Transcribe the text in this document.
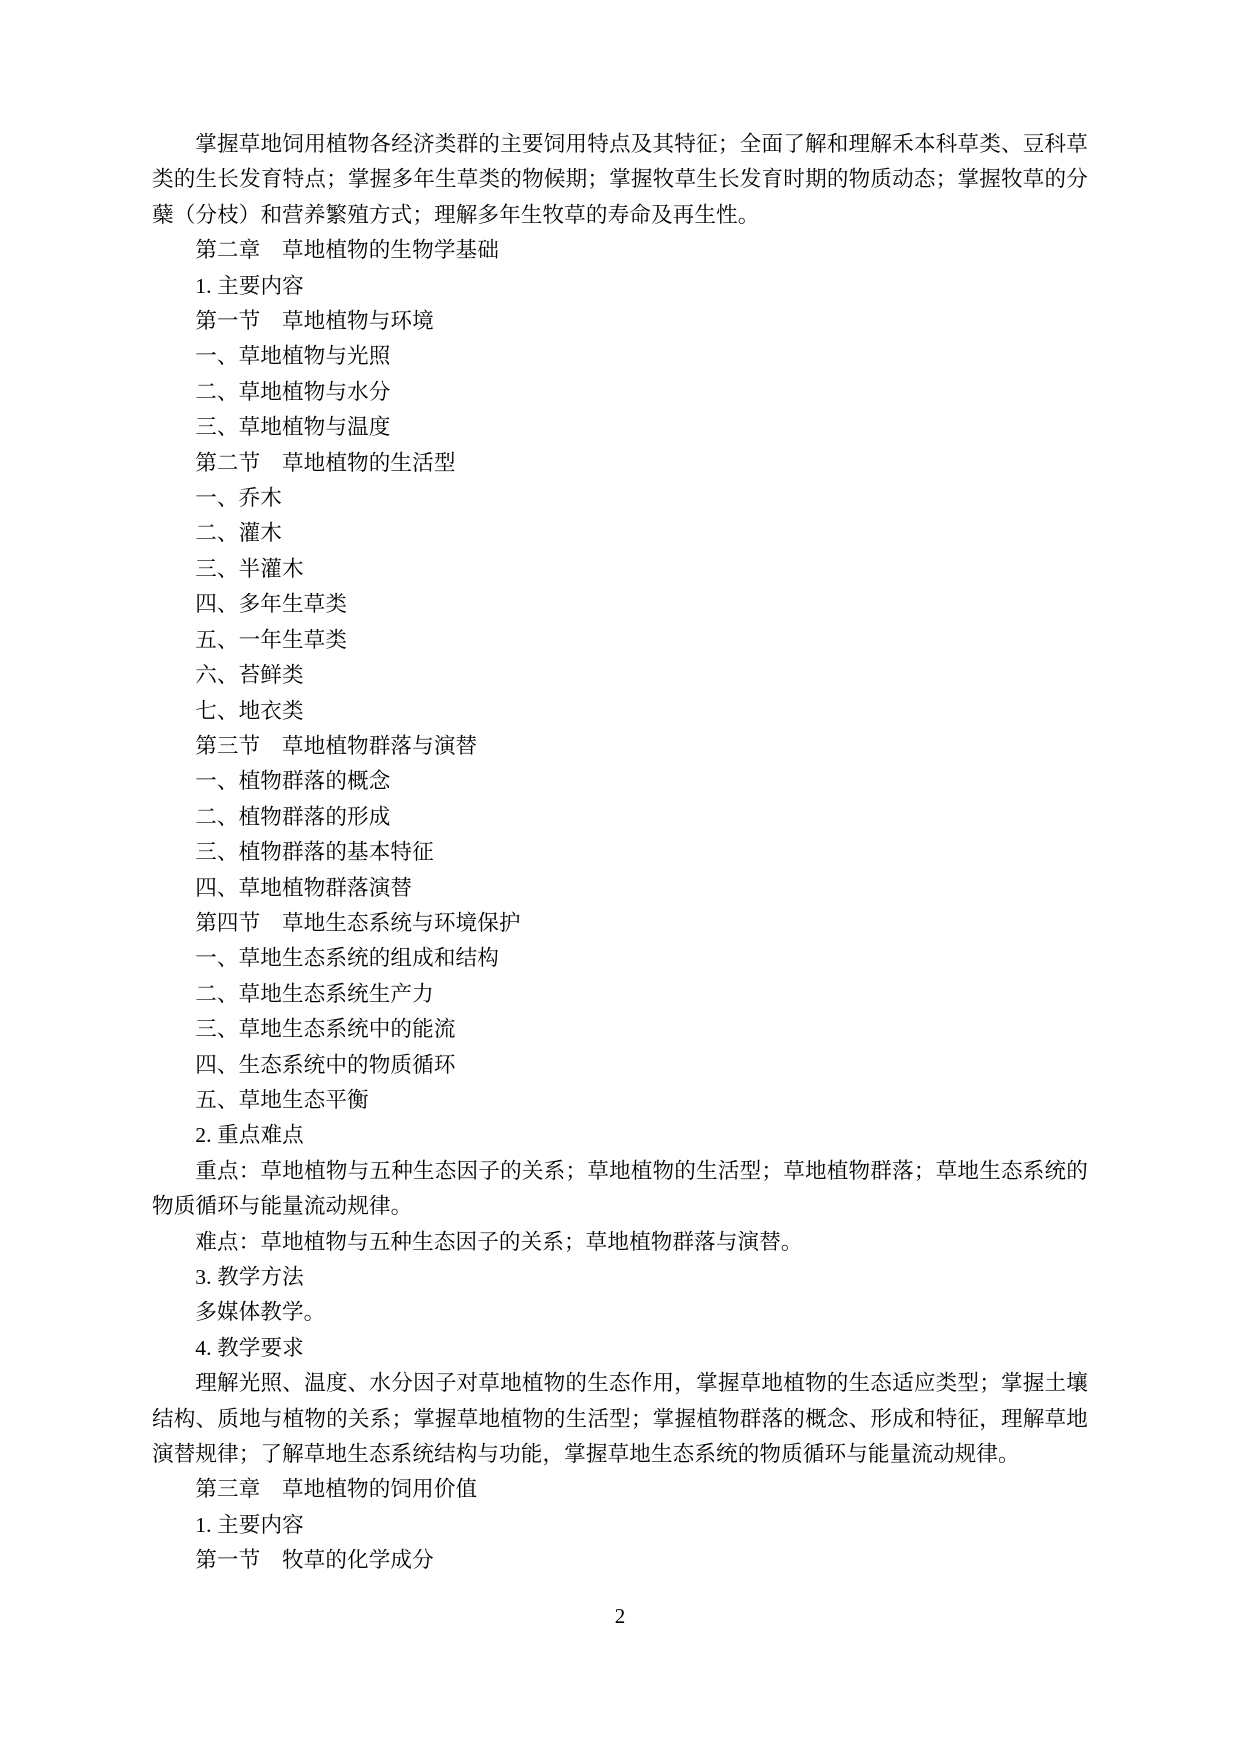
掌握草地饲用植物各经济类群的主要饲用特点及其特征；全面了解和理解禾本科草类、豆科草类的生长发育特点；掌握多年生草类的物候期；掌握牧草生长发育时期的物质动态；掌握牧草的分蘖（分枝）和营养繁殖方式；理解多年生牧草的寿命及再生性。
第二章　草地植物的生物学基础
1. 主要内容
第一节　草地植物与环境
一、草地植物与光照
二、草地植物与水分
三、草地植物与温度
第二节　草地植物的生活型
一、乔木
二、灌木
三、半灌木
四、多年生草类
五、一年生草类
六、苔鲜类
七、地衣类
第三节　草地植物群落与演替
一、植物群落的概念
二、植物群落的形成
三、植物群落的基本特征
四、草地植物群落演替
第四节　草地生态系统与环境保护
一、草地生态系统的组成和结构
二、草地生态系统生产力
三、草地生态系统中的能流
四、生态系统中的物质循环
五、草地生态平衡
2. 重点难点
重点：草地植物与五种生态因子的关系；草地植物的生活型；草地植物群落；草地生态系统的物质循环与能量流动规律。
难点：草地植物与五种生态因子的关系；草地植物群落与演替。
3. 教学方法
多媒体教学。
4. 教学要求
理解光照、温度、水分因子对草地植物的生态作用，掌握草地植物的生态适应类型；掌握土壤结构、质地与植物的关系；掌握草地植物的生活型；掌握植物群落的概念、形成和特征，理解草地演替规律；了解草地生态系统结构与功能，掌握草地生态系统的物质循环与能量流动规律。
第三章　草地植物的饲用价值
1. 主要内容
第一节　牧草的化学成分
2
